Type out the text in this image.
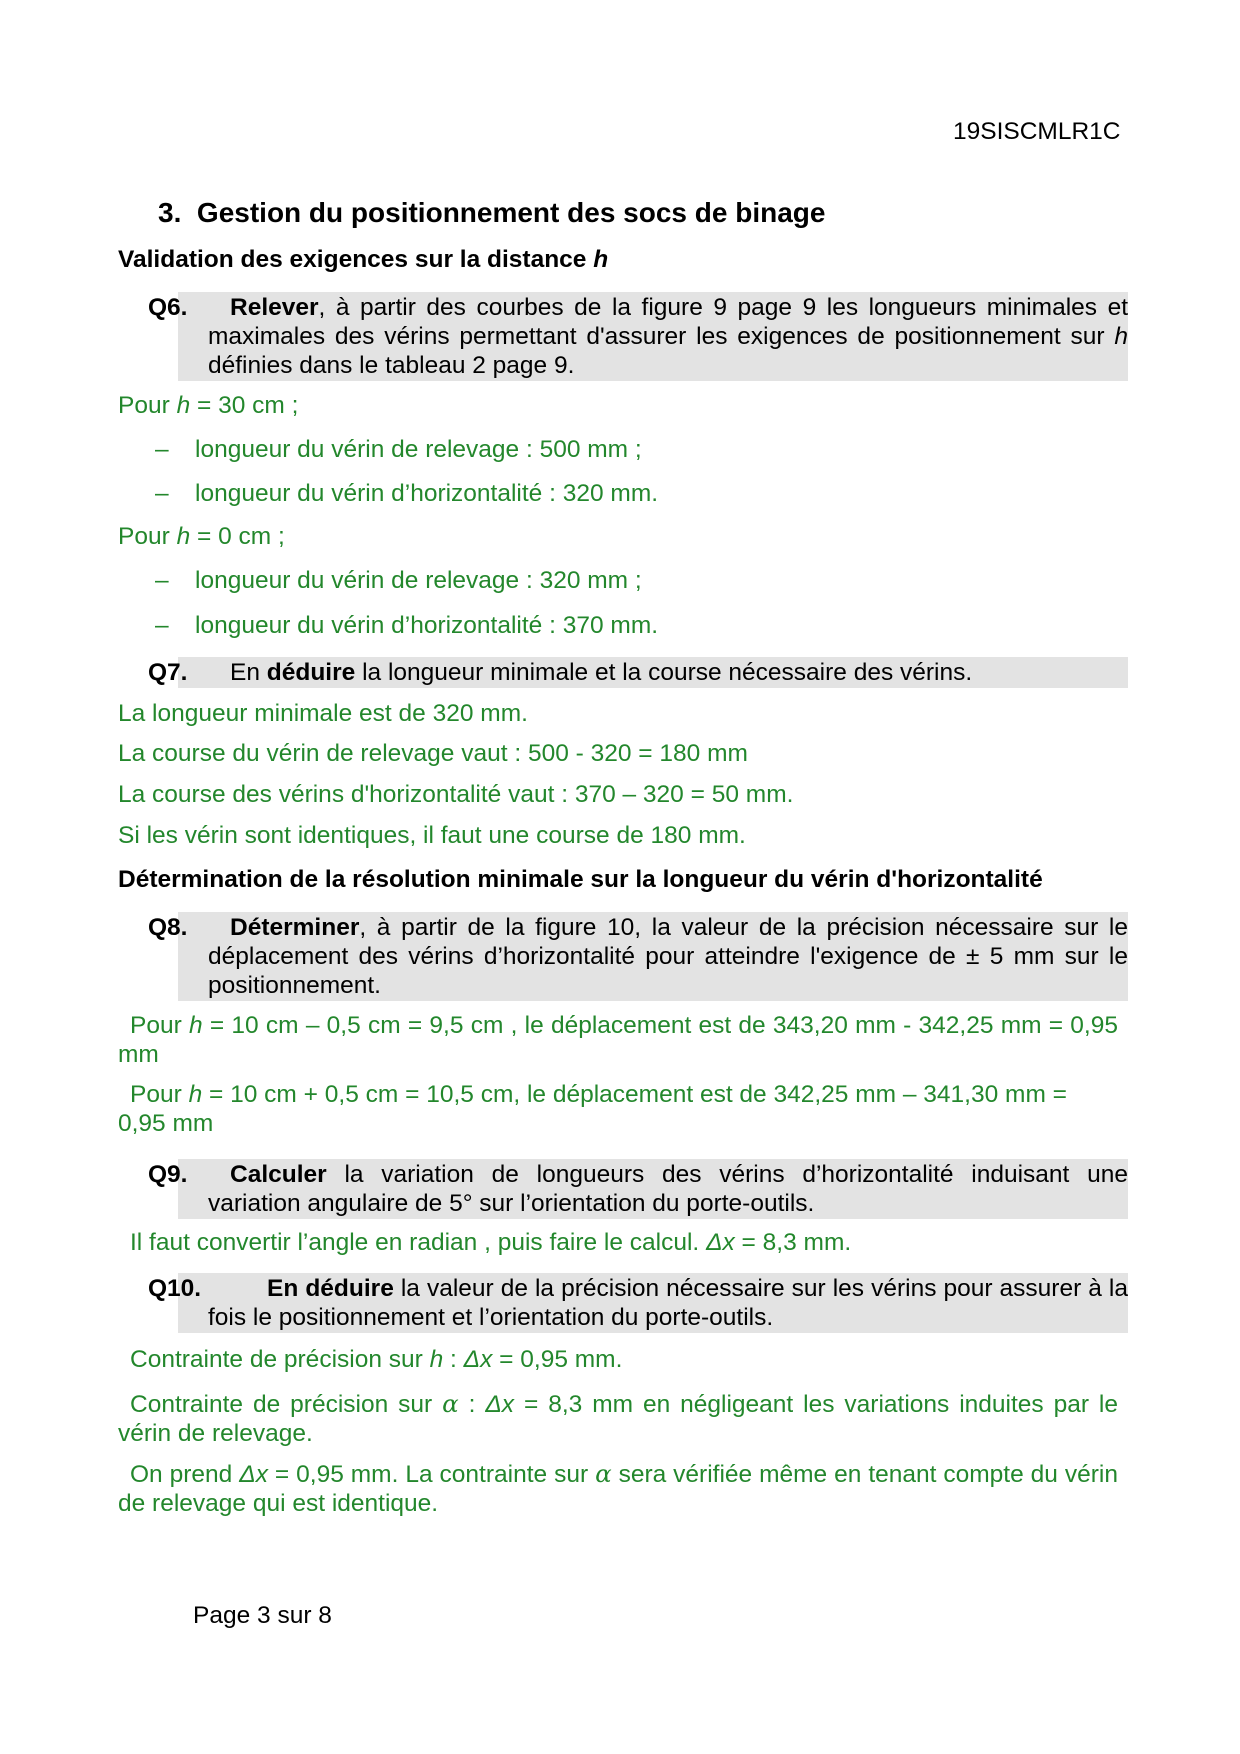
19SISCMLR1C
3. Gestion du positionnement des socs de binage
Validation des exigences sur la distance h
Q6. Relever, à partir des courbes de la figure 9 page 9 les longueurs minimales et maximales des vérins permettant d'assurer les exigences de positionnement sur h définies dans le tableau 2 page 9.
Pour h = 30 cm ;
– longueur du vérin de relevage : 500 mm ;
– longueur du vérin d’horizontalité : 320 mm.
Pour h = 0 cm ;
– longueur du vérin de relevage : 320 mm ;
– longueur du vérin d’horizontalité : 370 mm.
Q7. En déduire la longueur minimale et la course nécessaire des vérins.
La longueur minimale est de 320 mm.
La course du vérin de relevage vaut : 500 - 320 = 180 mm
La course des vérins d'horizontalité vaut : 370 – 320 = 50 mm.
Si les vérin sont identiques, il faut une course de 180 mm.
Détermination de la résolution minimale sur la longueur du vérin d'horizontalité
Q8. Déterminer, à partir de la figure 10, la valeur de la précision nécessaire sur le déplacement des vérins d’horizontalité pour atteindre l'exigence de ± 5 mm sur le positionnement.
Pour h = 10 cm – 0,5 cm = 9,5 cm , le déplacement est de 343,20 mm - 342,25 mm = 0,95 mm
Pour h = 10 cm + 0,5 cm = 10,5 cm, le déplacement est de 342,25 mm – 341,30 mm = 0,95 mm
Q9. Calculer la variation de longueurs des vérins d’horizontalité induisant une variation angulaire de 5° sur l’orientation du porte-outils.
Il faut convertir l’angle en radian , puis faire le calcul. Δx = 8,3 mm.
Q10.	En déduire la valeur de la précision nécessaire sur les vérins pour assurer à la fois le positionnement et l’orientation du porte-outils.
Contrainte de précision sur h : Δx = 0,95 mm.
Contrainte de précision sur α : Δx = 8,3 mm en négligeant les variations induites par le vérin de relevage.
On prend Δx = 0,95 mm. La contrainte sur α sera vérifiée même en tenant compte du vérin de relevage qui est identique.
Page 3 sur 8
